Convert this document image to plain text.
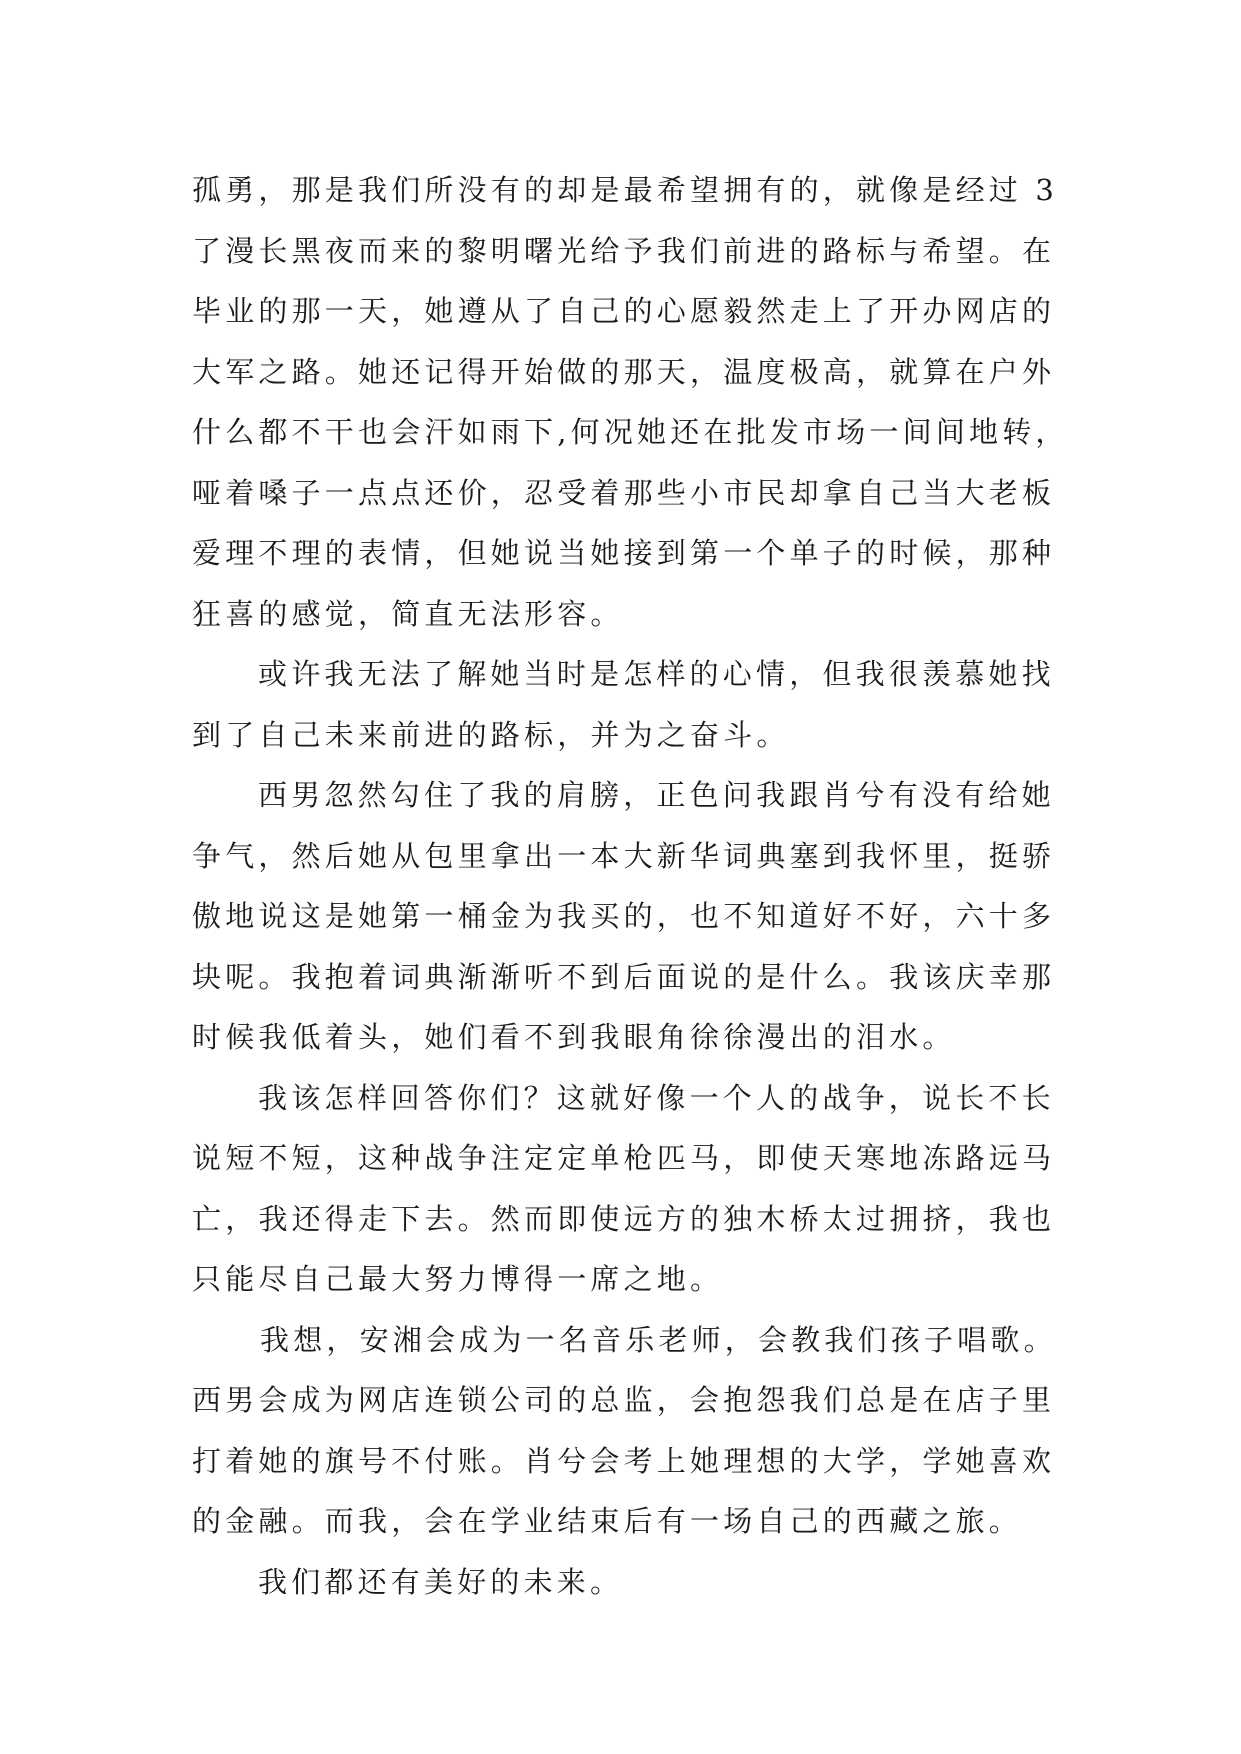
孤勇，那是我们所没有的却是最希望拥有的，就像是经过 3
了漫长黑夜而来的黎明曙光给予我们前进的路标与希望。在
毕业的那一天，她遵从了自己的心愿毅然走上了开办网店的
大军之路。她还记得开始做的那天，温度极高，就算在户外
什么都不干也会汗如雨下,何况她还在批发市场一间间地转，
哑着嗓子一点点还价，忍受着那些小市民却拿自己当大老板
爱理不理的表情，但她说当她接到第一个单子的时候，那种
狂喜的感觉，简直无法形容。
或许我无法了解她当时是怎样的心情，但我很羡慕她找
到了自己未来前进的路标，并为之奋斗。
西男忽然勾住了我的肩膀，正色问我跟肖兮有没有给她
争气，然后她从包里拿出一本大新华词典塞到我怀里，挺骄
傲地说这是她第一桶金为我买的，也不知道好不好，六十多
块呢。我抱着词典渐渐听不到后面说的是什么。我该庆幸那
时候我低着头，她们看不到我眼角徐徐漫出的泪水。
我该怎样回答你们？这就好像一个人的战争，说长不长
说短不短，这种战争注定定单枪匹马，即使天寒地冻路远马
亡，我还得走下去。然而即使远方的独木桥太过拥挤，我也
只能尽自己最大努力博得一席之地。
我想，安湘会成为一名音乐老师，会教我们孩子唱歌。
西男会成为网店连锁公司的总监，会抱怨我们总是在店子里
打着她的旗号不付账。肖兮会考上她理想的大学，学她喜欢
的金融。而我，会在学业结束后有一场自己的西藏之旅。
我们都还有美好的未来。
